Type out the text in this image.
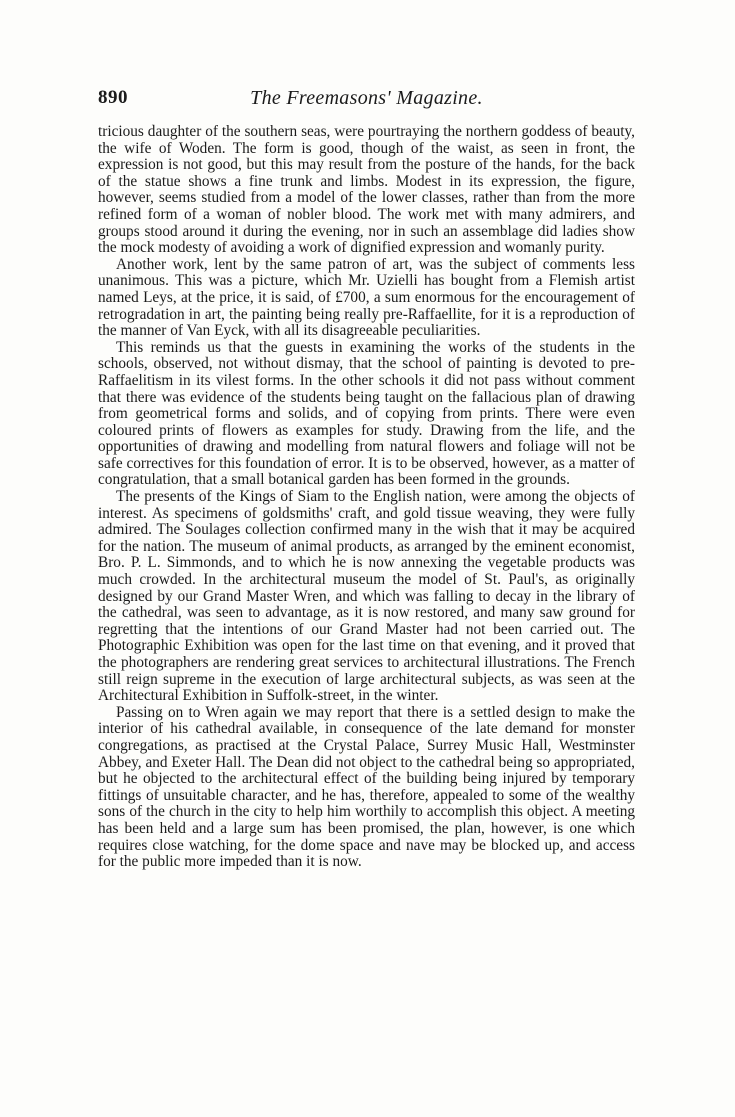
890	The Freemasons' Magazine.

tricious daughter of the southern seas, were pourtraying the northern goddess of beauty, the wife of Woden. The form is good, though of the waist, as seen in front, the expression is not good, but this may result from the posture of the hands, for the back of the statue shows a fine trunk and limbs. Modest in its expression, the figure, however, seems studied from a model of the lower classes, rather than from the more refined form of a woman of nobler blood. The work met with many admirers, and groups stood around it during the evening, nor in such an assemblage did ladies show the mock modesty of avoiding a work of dignified expression and womanly purity.

Another work, lent by the same patron of art, was the subject of comments less unanimous. This was a picture, which Mr. Uzielli has bought from a Flemish artist named Leys, at the price, it is said, of £700, a sum enormous for the encouragement of retrogradation in art, the painting being really pre-Raffaellite, for it is a reproduction of the manner of Van Eyck, with all its disagreeable peculiarities.

This reminds us that the guests in examining the works of the students in the schools, observed, not without dismay, that the school of painting is devoted to pre-Raffaelitism in its vilest forms. In the other schools it did not pass without comment that there was evidence of the students being taught on the fallacious plan of drawing from geometrical forms and solids, and of copying from prints. There were even coloured prints of flowers as examples for study. Drawing from the life, and the opportunities of drawing and modelling from natural flowers and foliage will not be safe correctives for this foundation of error. It is to be observed, however, as a matter of congratulation, that a small botanical garden has been formed in the grounds.

The presents of the Kings of Siam to the English nation, were among the objects of interest. As specimens of goldsmiths' craft, and gold tissue weaving, they were fully admired. The Soulages collection confirmed many in the wish that it may be acquired for the nation. The museum of animal products, as arranged by the eminent economist, Bro. P. L. Simmonds, and to which he is now annexing the vegetable products was much crowded. In the architectural museum the model of St. Paul's, as originally designed by our Grand Master Wren, and which was falling to decay in the library of the cathedral, was seen to advantage, as it is now restored, and many saw ground for regretting that the intentions of our Grand Master had not been carried out. The Photographic Exhibition was open for the last time on that evening, and it proved that the photographers are rendering great services to architectural illustrations. The French still reign supreme in the execution of large architectural subjects, as was seen at the Architectural Exhibition in Suffolk-street, in the winter.

Passing on to Wren again we may report that there is a settled design to make the interior of his cathedral available, in consequence of the late demand for monster congregations, as practised at the Crystal Palace, Surrey Music Hall, Westminster Abbey, and Exeter Hall. The Dean did not object to the cathedral being so appropriated, but he objected to the architectural effect of the building being injured by temporary fittings of unsuitable character, and he has, therefore, appealed to some of the wealthy sons of the church in the city to help him worthily to accomplish this object. A meeting has been held and a large sum has been promised, the plan, however, is one which requires close watching, for the dome space and nave may be blocked up, and access for the public more impeded than it is now.
